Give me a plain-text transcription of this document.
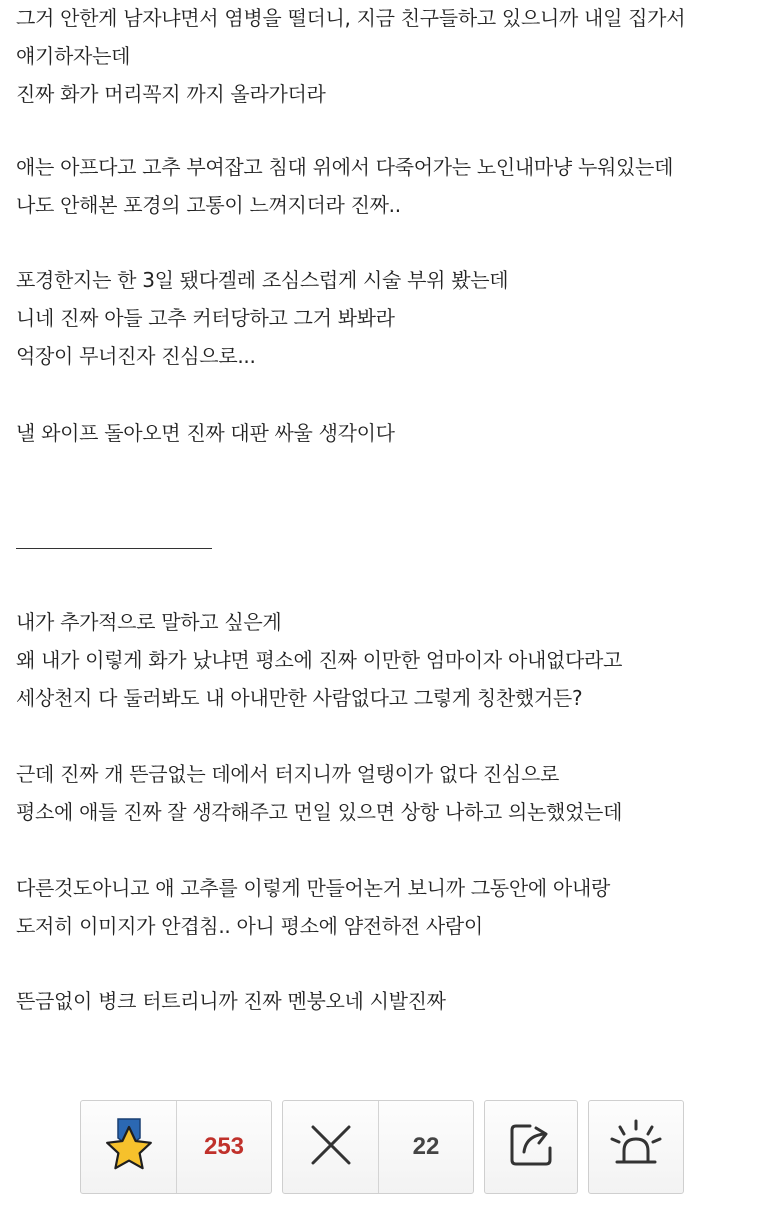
그거 안한게 남자냐면서 염병을 떨더니, 지금 친구들하고 있으니까 내일 집가서
얘기하자는데
진짜 화가 머리꼭지 까지 올라가더라
애는 아프다고 고추 부여잡고 침대 위에서 다죽어가는 노인내마냥 누워있는데
나도 안해본 포경의 고통이 느껴지더라 진짜..
포경한지는 한 3일 됐다겔레 조심스럽게 시술 부위 봤는데
니네 진짜 아들 고추 커터당하고 그거 봐봐라
억장이 무너진자 진심으로...
낼 와이프 돌아오면 진짜 대판 싸울 생각이다
내가 추가적으로 말하고 싶은게
왜 내가 이렇게 화가 났냐면 평소에 진짜 이만한 엄마이자 아내없다라고
세상천지 다 둘러봐도 내 아내만한 사람없다고 그렇게 칭찬했거든?
근데 진짜 개 뜬금없는 데에서 터지니까 얼탱이가 없다 진심으로
평소에 애들 진짜 잘 생각해주고 먼일 있으면 상항 나하고 의논했었는데
다른것도아니고 애 고추를 이렇게 만들어논거 보니까 그동안에 아내랑
도저히 이미지가 안겹침.. 아니 평소에 얌전하전 사람이
뜬금없이 병크 터트리니까 진짜 멘붕오네 시발진짜
253	22
